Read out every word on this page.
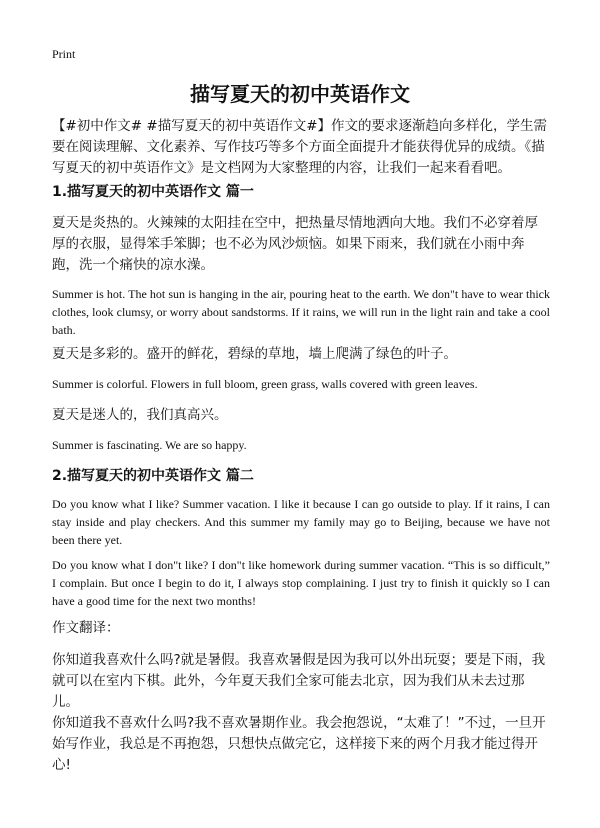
Print
描写夏天的初中英语作文

【#初中作文# #描写夏天的初中英语作文#】作文的要求逐渐趋向多样化，学生需要在阅读理解、文化素养、写作技巧等多个方面全面提升才能获得优异的成绩。《描写夏天的初中英语作文》是文档网为大家整理的内容，让我们一起来看看吧。

1.描写夏天的初中英语作文 篇一

夏天是炎热的。火辣辣的太阳挂在空中，把热量尽情地洒向大地。我们不必穿着厚厚的衣服，显得笨手笨脚；也不必为风沙烦恼。如果下雨来，我们就在小雨中奔跑，洗一个痛快的凉水澡。

Summer is hot. The hot sun is hanging in the air, pouring heat to the earth. We don"t have to wear thick clothes, look clumsy, or worry about sandstorms. If it rains, we will run in the light rain and take a cool bath.

夏天是多彩的。盛开的鲜花，碧绿的草地，墙上爬满了绿色的叶子。

Summer is colorful. Flowers in full bloom, green grass, walls covered with green leaves.

夏天是迷人的，我们真高兴。

Summer is fascinating. We are so happy.

2.描写夏天的初中英语作文 篇二

Do you know what I like? Summer vacation. I like it because I can go outside to play. If it rains, I can stay inside and play checkers. And this summer my family may go to Beijing, because we have not been there yet.

Do you know what I don"t like? I don"t like homework during summer vacation. “This is so difficult,” I complain. But once I begin to do it, I always stop complaining. I just try to finish it quickly so I can have a good time for the next two months!

作文翻译：

你知道我喜欢什么吗?就是暑假。我喜欢暑假是因为我可以外出玩耍；要是下雨，我就可以在室内下棋。此外，今年夏天我们全家可能去北京，因为我们从未去过那儿。

你知道我不喜欢什么吗?我不喜欢暑期作业。我会抱怨说，“太难了！”不过，一旦开始写作业，我总是不再抱怨，只想快点做完它，这样接下来的两个月我才能过得开心!
